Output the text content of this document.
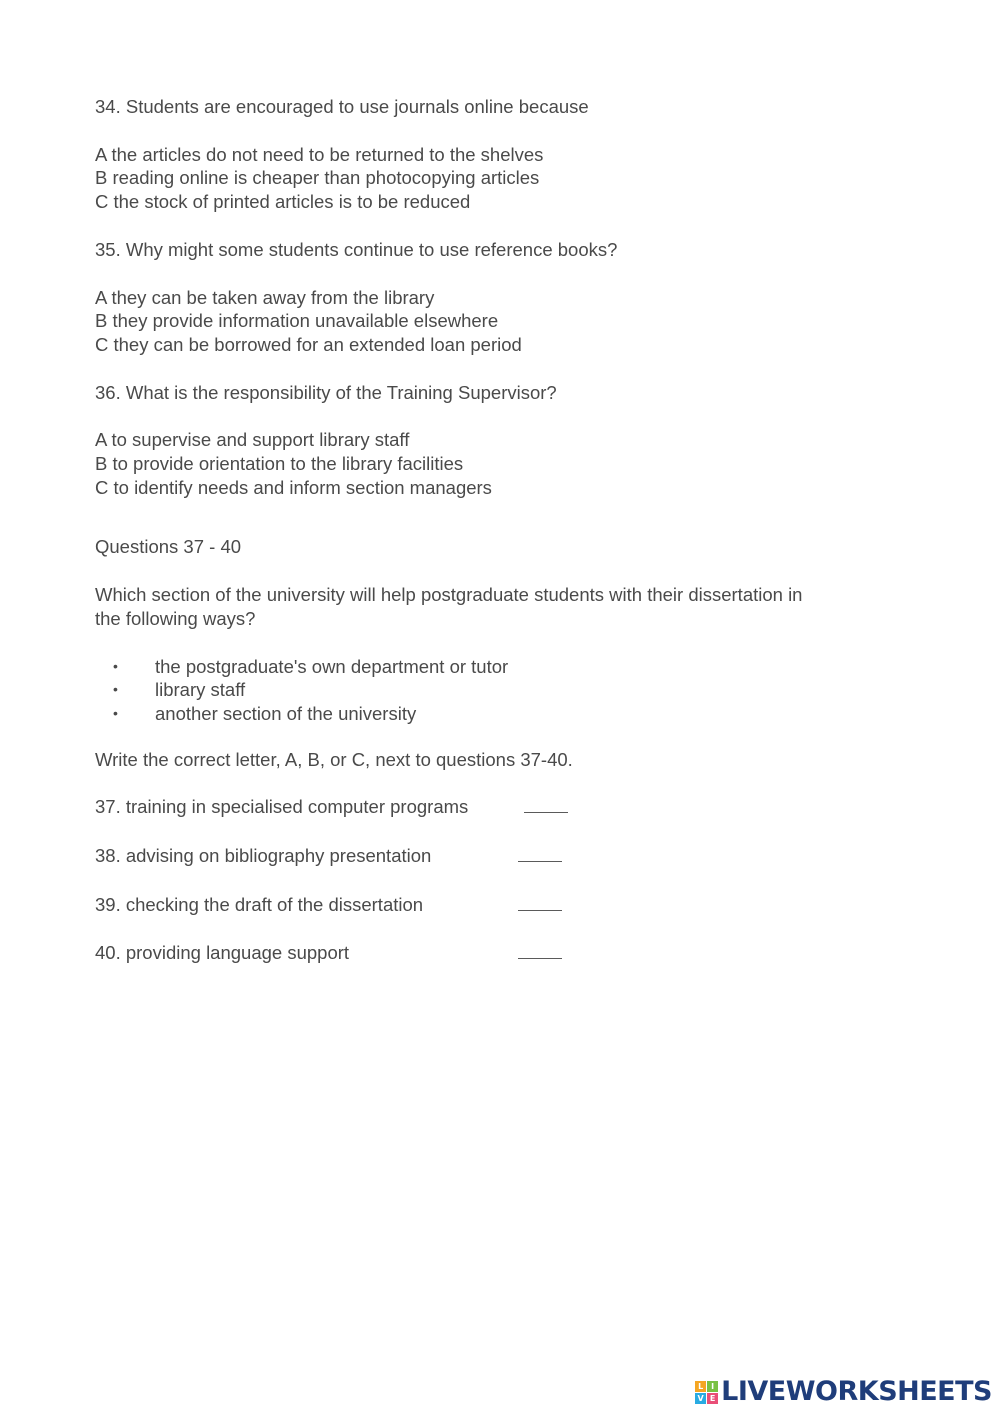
34. Students are encouraged to use journals online because

A the articles do not need to be returned to the shelves

B reading online is cheaper than photocopying articles

C the stock of printed articles is to be reduced

35. Why might some students continue to use reference books?

A they can be taken away from the library

B they provide information unavailable elsewhere

C they can be borrowed for an extended loan period

36. What is the responsibility of the Training Supervisor?

A to supervise and support library staff

B to provide orientation to the library facilities

C to identify needs and inform section managers

Questions 37 - 40

Which section of the university will help postgraduate students with their dissertation in

the following ways?

• the postgraduate's own department or tutor
• library staff
• another section of the university

Write the correct letter, A, B, or C, next to questions 37-40.

37. training in specialised computer programs
38. advising on bibliography presentation
39. checking the draft of the dissertation
40. providing language support
L I
V E LIVEWORKSHEETS
